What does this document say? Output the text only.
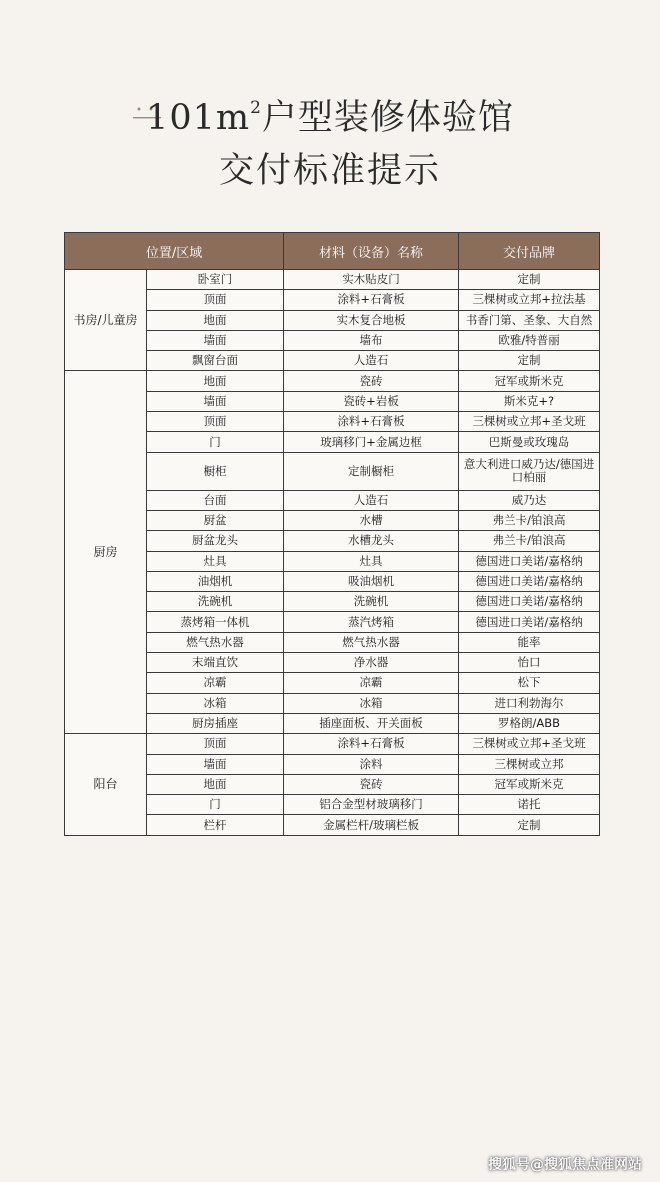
$101m^2$户型装修体验馆
交付标准提示
位置/区域		材料（设备）名称	交付品牌
书房/儿童房	卧室门	实木贴皮门	定制
	顶面	涂料+石膏板	三棵树或立邦+拉法基
	地面	实木复合地板	书香门第、圣象、大自然
	墙面	墙布	欧雅/特普丽
	飘窗台面	人造石	定制
厨房	地面	瓷砖	冠军或斯米克
	墙面	瓷砖+岩板	斯米克+?
	顶面	涂料+石膏板	三棵树或立邦+圣戈班
	门	玻璃移门+金属边框	巴斯曼或玫瑰岛
	橱柜	定制橱柜	意大利进口威乃达/德国进口柏丽
	台面	人造石	威乃达
	厨盆	水槽	弗兰卡/铂浪高
	厨盆龙头	水槽龙头	弗兰卡/铂浪高
	灶具	灶具	德国进口美诺/嘉格纳
	油烟机	吸油烟机	德国进口美诺/嘉格纳
	洗碗机	洗碗机	德国进口美诺/嘉格纳
	蒸烤箱一体机	蒸汽烤箱	德国进口美诺/嘉格纳
	燃气热水器	燃气热水器	能率
	末端直饮	净水器	怡口
	凉霸	凉霸	松下
	冰箱	冰箱	进口利勃海尔
	厨房插座	插座面板、开关面板	罗格朗/ABB
阳台	顶面	涂料+石膏板	三棵树或立邦+圣戈班
	墙面	涂料	三棵树或立邦
	地面	瓷砖	冠军或斯米克
	门	铝合金型材玻璃移门	诺托
	栏杆	金属栏杆/玻璃栏板	定制
搜狐号@搜狐焦点准网站
